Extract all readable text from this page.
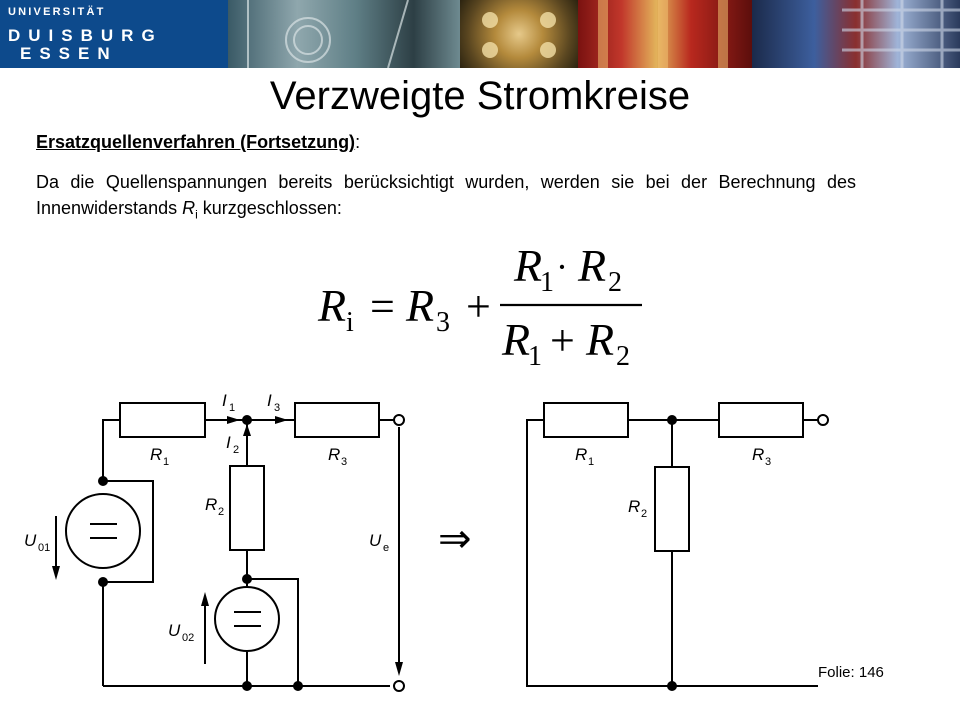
UNIVERSITÄT
DUISBURG
ESSEN
Verzweigte Stromkreise
Ersatzquellenverfahren (Fortsetzung):
Da die Quellenspannungen bereits berücksichtigt wurden, werden sie bei der Berechnung des Innenwiderstands $R_i$ kurzgeschlossen:
R i = R 3 +
R
1 · R 2
R
1 + R 2
R 1	R 3
R 2
I 1 I 3
I 2
U 01
U 02
U e ⇒
R 1	R 3
R 2
Folie: 146
